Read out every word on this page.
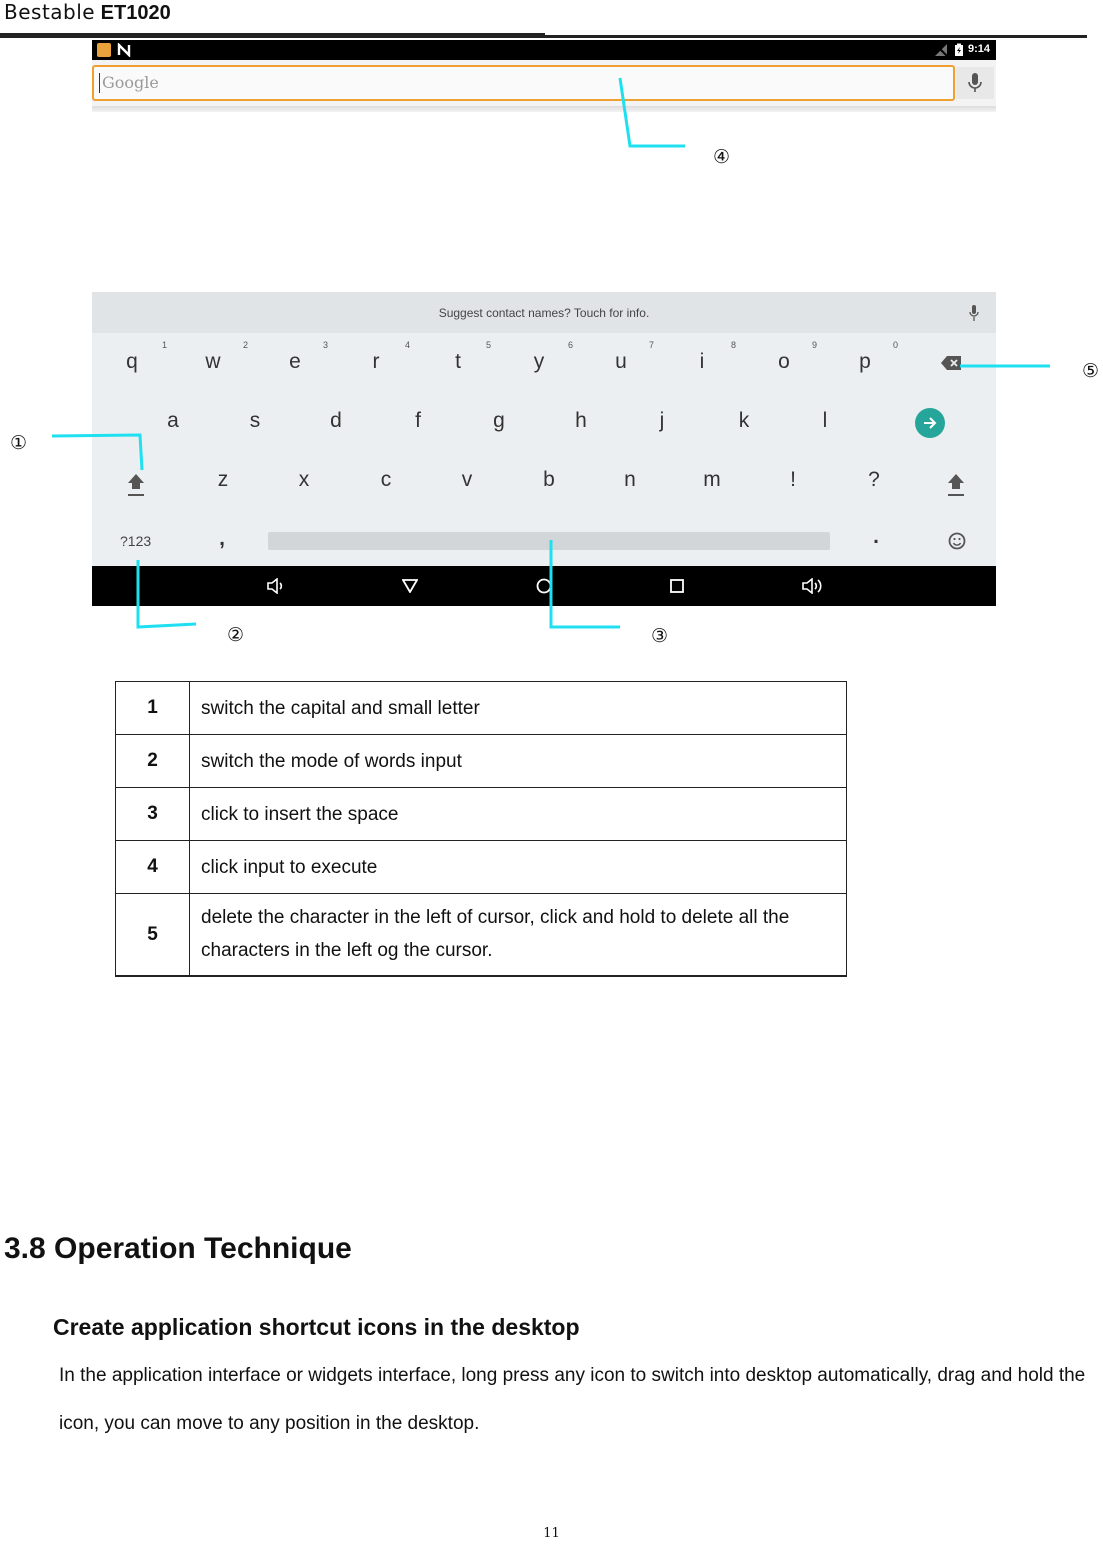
Bestable ET1020
9:14
Google
Suggest contact names? Touch for info.
1	2	3	4	5	6	7	8	9	0
q	w	e	r	t	y	u	i	o	p
a	s	d	f	g	h	j	k	l
z	x	c	v	b	n	m	!	?
?123	,	.
④
⑤
①
②	③
1	switch the capital and small letter
2	switch the mode of words input
3	click to insert the space
4	click input to execute
5	delete the character in the left of cursor, click and hold to delete all the characters in the left og the cursor.
3.8 Operation Technique
Create application shortcut icons in the desktop
In the application interface or widgets interface, long press any icon to switch into desktop automatically, drag and hold the icon, you can move to any position in the desktop.
11
